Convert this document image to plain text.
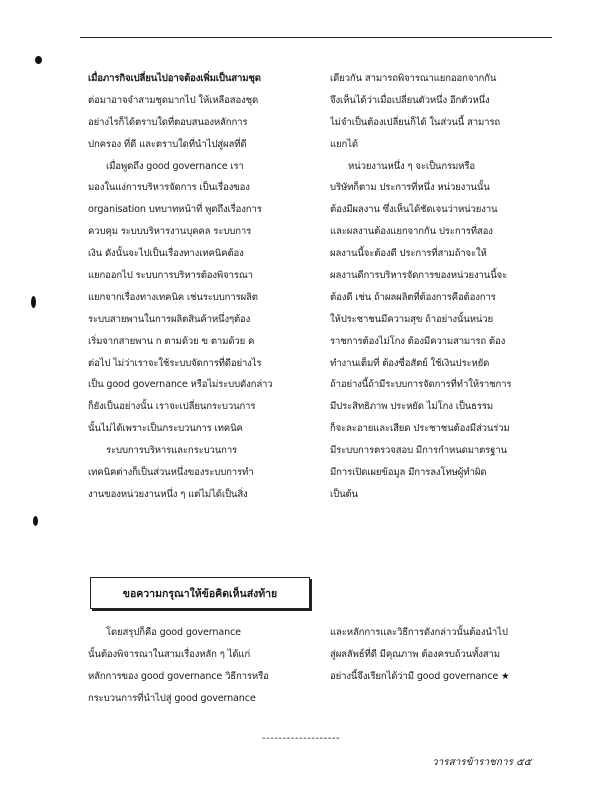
เมื่อภารกิจเปลี่ยนไปอาจต้องเพิ่มเป็นสามชุด
ต่อมาอาจจำสามชุดมากไป ให้เหลือสองชุด
อย่างไรก็ได้ตราบใดที่ตอบสนองหลักการ
ปกครอง ที่ดี และตราบใดที่นำไปสู่ผลที่ดี
เมื่อพูดถึง good governance เรา
มองในแง่การบริหารจัดการ เป็นเรื่องของ
organisation บทบาทหน้าที่ พูดถึงเรื่องการ
ควบคุม ระบบบริหารงานบุคคล ระบบการ
เงิน ดังนั้นจะไปเป็นเรื่องทางเทคนิคต้อง
แยกออกไป ระบบการบริหารต้องพิจารณา
แยกจากเรื่องทางเทคนิค เช่นระบบการผลิต
ระบบสายพานในการผลิตสินค้าหนึ่งๆต้อง
เริ่มจากสายพาน ก ตามด้วย ข ตามด้วย ค
ต่อไป ไม่ว่าเราจะใช้ระบบจัดการที่ดีอย่างไร
เป็น good governance หรือไม่ระบบดังกล่าว
ก็ยังเป็นอย่างนั้น เราจะเปลี่ยนกระบวนการ
นั้นไม่ได้เพราะเป็นกระบวนการ เทคนิค
ระบบการบริหารและกระบวนการ
เทคนิคต่างก็เป็นส่วนหนึ่งของระบบการทำ
งานของหน่วยงานหนึ่ง ๆ แต่ไม่ได้เป็นสิ่ง
เดียวกัน สามารถพิจารณาแยกออกจากกัน
จึงเห็นได้ว่าเมื่อเปลี่ยนตัวหนึ่ง อีกตัวหนึ่ง
ไม่จำเป็นต้องเปลี่ยนก็ได้ ในส่วนนี้ สามารถ
แยกได้
หน่วยงานหนึ่ง ๆ จะเป็นกรมหรือ
บริษัทก็ตาม ประการที่หนึ่ง หน่วยงานนั้น
ต้องมีผลงาน ซึ่งเห็นได้ชัดเจนว่าหน่วยงาน
และผลงานต้องแยกจากกัน ประการที่สอง
ผลงานนี้จะต้องดี ประการที่สามถ้าจะให้
ผลงานดีการบริหารจัดการของหน่วยงานนี้จะ
ต้องดี เช่น ถ้าผลผลิตที่ต้องการคือต้องการ
ให้ประชาชนมีความสุข ถ้าอย่างนั้นหน่วย
ราชการต้องไม่โกง ต้องมีความสามารถ ต้อง
ทำงานเต็มที่ ต้องซื่อสัตย์ ใช้เงินประหยัด
ถ้าอย่างนี้ถ้ามีระบบการจัดการที่ทำให้ราชการ
มีประสิทธิภาพ ประหยัด ไม่โกง เป็นธรรม
ก็จะละอายและเสียด ประชาชนต้องมีส่วนร่วม
มีระบบการตรวจสอบ มีการกำหนดมาตรฐาน
มีการเปิดเผยข้อมูล มีการลงโทษผู้ทำผิด
เป็นต้น
ขอความกรุณาให้ข้อคิดเห็นส่งท้าย
โดยสรุปก็คือ good governance
นั้นต้องพิจารณาในสามเรื่องหลัก ๆ ได้แก่
หลักการของ good governance วิธีการหรือ
กระบวนการที่นำไปสู่ good governance
และหลักการและวิธีการดังกล่าวนั้นต้องนำไป
สู่ผลลัพธ์ที่ดี มีคุณภาพ ต้องครบถ้วนทั้งสาม
อย่างนี้จึงเรียกได้ว่ามี good governance ★
-------------------
วารสารข้าราชการ ๕๕
